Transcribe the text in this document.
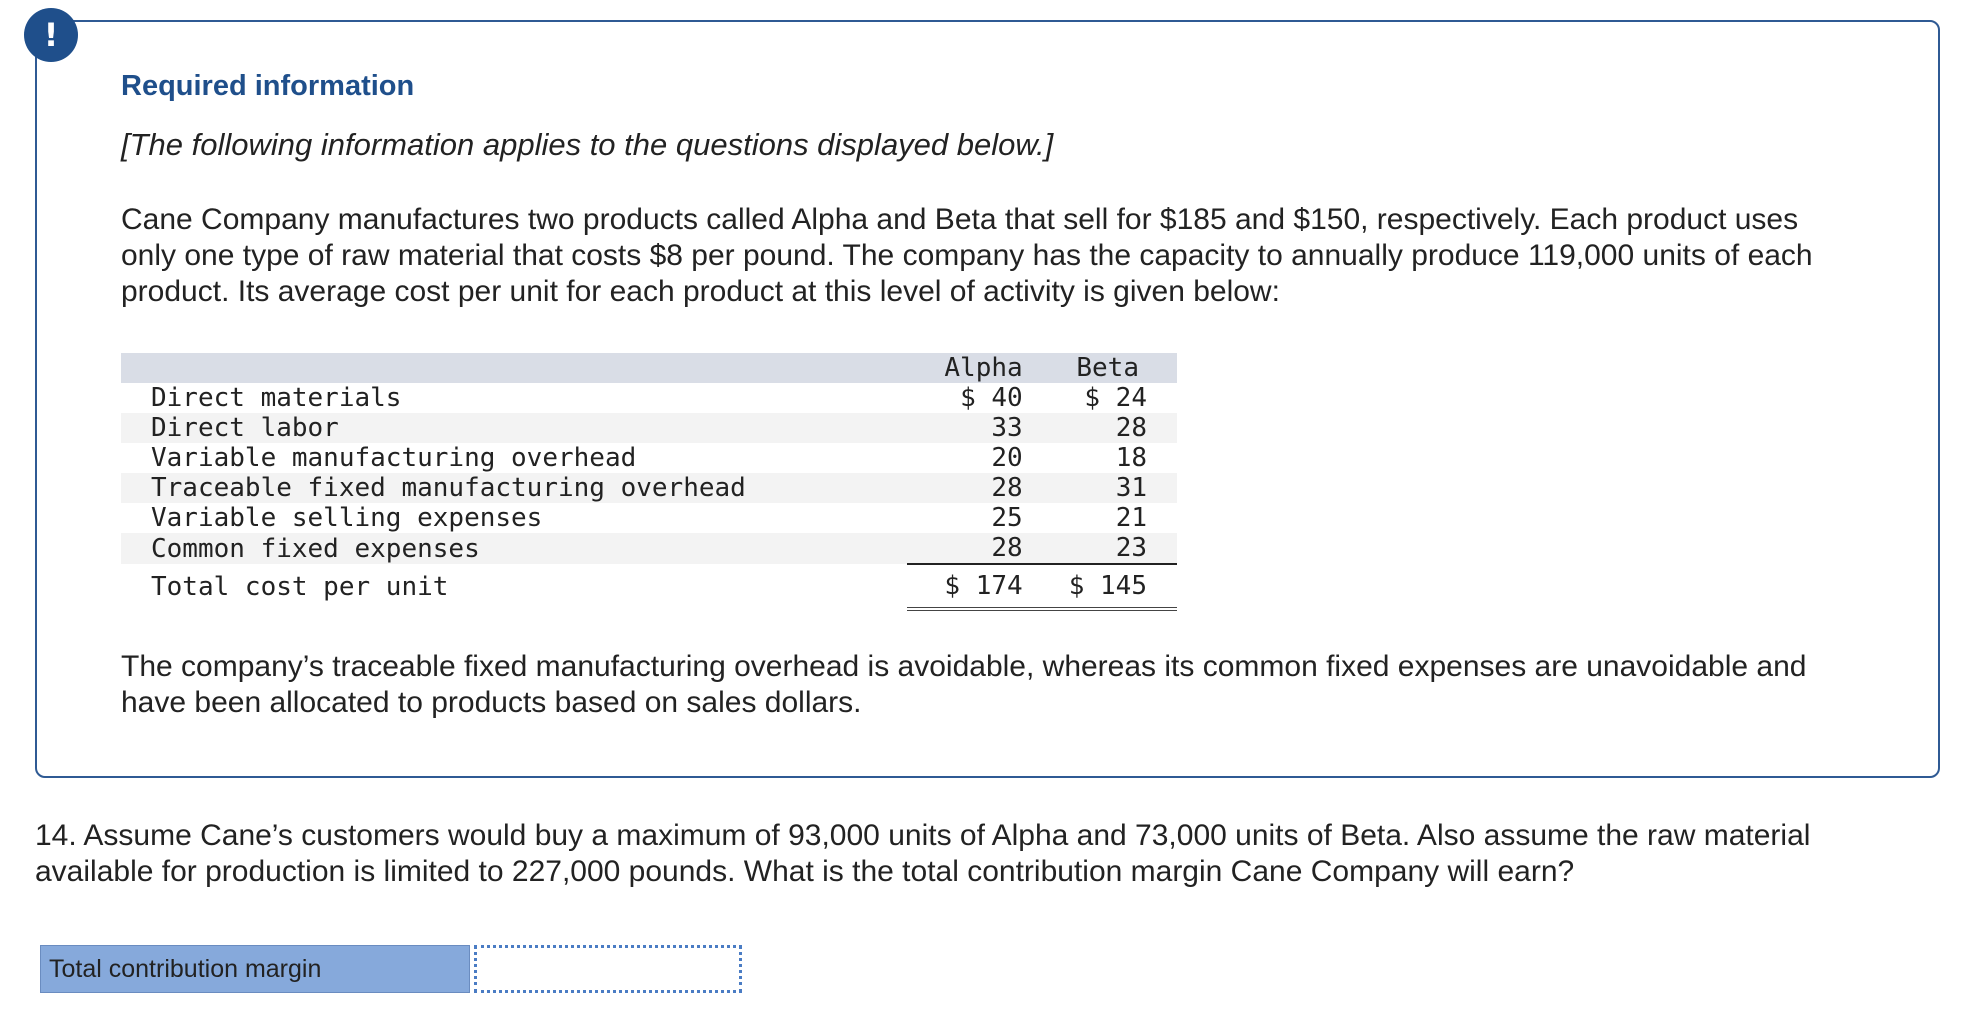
!
Required information

[The following information applies to the questions displayed below.]

Cane Company manufactures two products called Alpha and Beta that sell for $185 and $150, respectively. Each product uses only one type of raw material that costs $8 per pound. The company has the capacity to annually produce 119,000 units of each product. Its average cost per unit for each product at this level of activity is given below:

	Alpha	Beta
Direct materials	$ 40	$ 24
Direct labor	33	28
Variable manufacturing overhead	20	18
Traceable fixed manufacturing overhead	28	31
Variable selling expenses	25	21
Common fixed expenses	28	23
Total cost per unit	$ 174	$ 145

The company’s traceable fixed manufacturing overhead is avoidable, whereas its common fixed expenses are unavoidable and have been allocated to products based on sales dollars.

14. Assume Cane’s customers would buy a maximum of 93,000 units of Alpha and 73,000 units of Beta. Also assume the raw material available for production is limited to 227,000 pounds. What is the total contribution margin Cane Company will earn?

Total contribution margin
